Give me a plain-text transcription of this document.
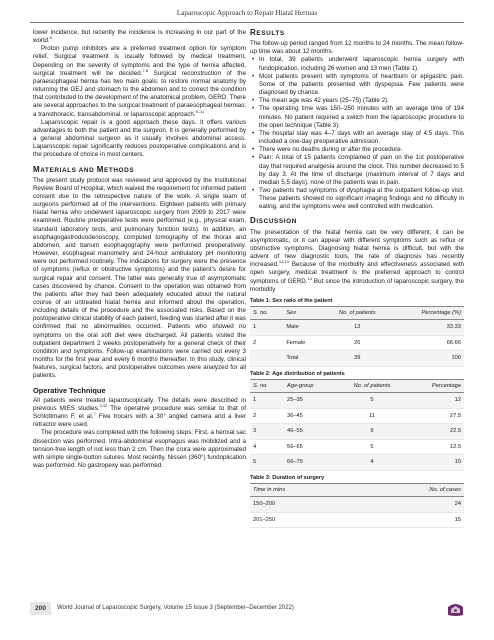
Laparoscopic Approach to Repair Hiatal Hernias

lower incidence, but recently the incidence is increasing in our part of the world.$^6$

Proton pump inhibitors are a preferred treatment option for symptom relief. Surgical treatment is usually followed by medical treatment. Depending on the severity of symptoms and the type of hernia affected, surgical treatment will be decided.$^{7,8}$ Surgical reconstruction of the paraesophageal hernia has two main goals: to restore normal anatomy by returning the GEJ and stomach to the abdomen and to correct the condition that contributed to the development of the anatomical problem, GERD. There are several approaches to the surgical treatment of paraesophageal hernias; a transthoracic, transabdominal, or laparoscopic approach.$^{9-11}$

Laparoscopic repair is a good approach these days. It offers various advantages to both the patient and the surgeon. It is generally performed by a general abdominal surgeon as it usually involves abdominal access. Laparoscopic repair significantly reduces postoperative complications and is the procedure of choice in most centers.

MATERIALS AND METHODS

The present study protocol was reviewed and approved by the Institutional Review Board of Hospital, which waived the requirement for informed patient consent due to the retrospective nature of the work. A single team of surgeons performed all of the interventions. Eighteen patients with primary hiatal hernia who underwent laparoscopic surgery from 2009 to 2017 were examined. Routine preoperative tests were performed (e.g., physical exam, standard laboratory tests, and pulmonary function tests). In addition, an esophagogastroduodenoscopy, computed tomography of the thorax and abdomen, and barium esophagography were performed preoperatively. However, esophageal manometry and 24-hour ambulatory pH monitoring were not performed routinely. The indications for surgery were the presence of symptoms (reflux or obstructive symptoms) and the patient’s desire for surgical repair and consent. The latter was generally true of asymptomatic cases discovered by chance. Consent to the operation was obtained from the patients after they had been adequately educated about the natural course of an untreated hiatal hernia and informed about the operation, including details of the procedure and the associated risks. Based on the postoperative clinical stability of each patient, feeding was started after it was confirmed that no abnormalities occurred. Patients who showed no symptoms on the oral soft diet were discharged. All patients visited the outpatient department 2 weeks postoperatively for a general check of their condition and symptoms. Follow-up examinations were carried out every 3 months for the first year and every 6 months thereafter. In this study, clinical features, surgical factors, and postoperative outcomes were analyzed for all patients.

Operative Technique

All patients were treated laparoscopically. The details were described in previous MIES studies.$^{3,12}$ The operative procedure was similar to that of Schlottmann F, et al.$^7$ Five trocars with a 30° angled camera and a liver retractor were used.

The procedure was completed with the following steps: First, a hernial sac dissection was performed. Intra-abdominal esophagus was mobilized and a tension-free length of not less than 2 cm. Then the crura were approximated with simple single-button sutures. Most recently, Nissen (360°) fundoplication was performed. No gastropexy was performed.

RESULTS

The follow-up period ranged from 12 months to 24 months. The mean follow-up time was about 12 months.

• In total, 39 patients underwent laparoscopic hernia surgery with fundoplication, including 26 women and 13 men (Table 1).
• Most patients present with symptoms of heartburn or epigastric pain. Some of the patients presented with dyspepsia. Few patients were diagnosed by chance.
• The mean age was 42 years (25–75) (Table 2).
• The operating time was 150–250 minutes with an average time of 194 minutes. No patient required a switch from the laparoscopic procedure to the open technique (Table 3).
• The hospital stay was 4–7 days with an average stay of 4.5 days. This included a one-day preoperative admission.
• There were no deaths during or after the procedure.
• Pain: A total of 15 patients complained of pain on the 1st postoperative day that required analgesia around the clock. This number decreased to 5 by day 3. At the time of discharge (maximum interval of 7 days and median 5.5 days), none of the patients was in pain.
• Two patients had symptoms of dysphagia at the outpatient follow-up visit. These patients showed no significant imaging findings and no difficulty in eating, and the symptoms were well controlled with medication.
DISCUSSION

The presentation of the hiatal hernia can be very different, it can be asymptomatic, or it can appear with different symptoms such as reflux or obstructive symptoms. Diagnosing hiatal hernia is difficult, but with the advent of new diagnostic tools, the rate of diagnosis has recently increased.$^{12,13}$ Because of the morbidity and effectiveness associated with open surgery, medical treatment is the preferred approach to control symptoms of GERD.$^{14}$ But since the introduction of laparoscopic surgery, the morbidity

Table 1: Sex ratio of the patient
S. no.	Sex	No. of patients	Percentage (%)
1	Male	13	33.33
2	Female	26	66.66
	Total	39	100
Table 2: Age distribution of patients
S. no.	Age-group	No. of patients	Percentage
1	25–35	5	12
2	36–45	11	27.5
3	46–55	9	22.5
4	56–65	5	12.5
5	66–75	4	10
Table 3: Duration of surgery
Time in mins	No. of cases
150–200	24
201–250	15
200	World Journal of Laparoscopic Surgery, Volume 15 Issue 3 (September–December 2022)
